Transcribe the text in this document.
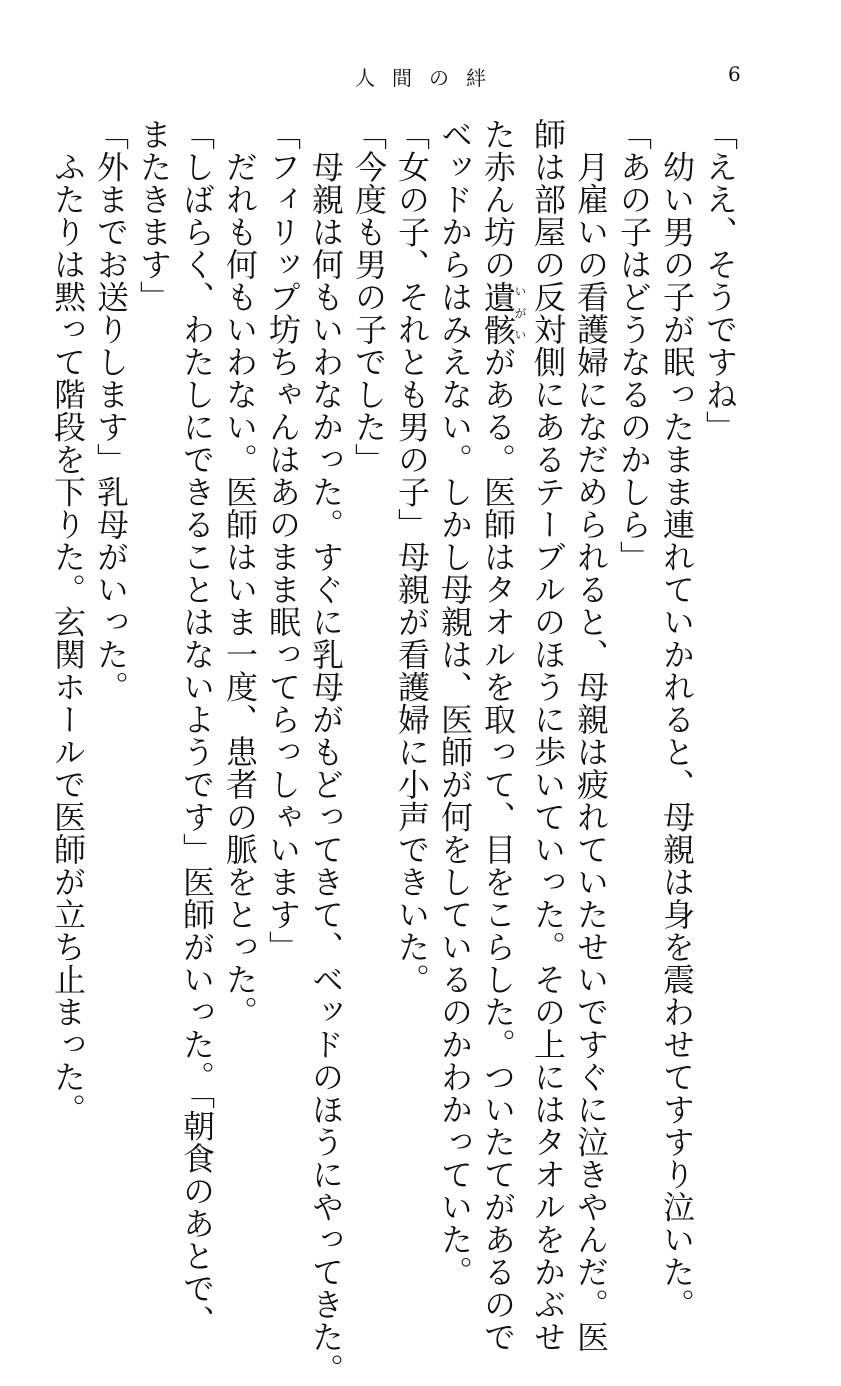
人間の絆	6

「ええ、そうですね」

　幼い男の子が眠ったまま連れていかれると、母親は身を震わせてすすり泣いた。

「あの子はどうなるのかしら」

　月雇いの看護婦になだめられると、母親は疲れていたせいですぐに泣きやんだ。医

師は部屋の反対側にあるテーブルのほうに歩いていった。その上にはタオルをかぶせ

た赤ん坊の遺骸いがいがある。医師はタオルを取って、目をこらした。ついたてがあるので

ベッドからはみえない。しかし母親は、医師が何をしているのかわかっていた。

「女の子、それとも男の子」母親が看護婦に小声できいた。

「今度も男の子でした」

　母親は何もいわなかった。すぐに乳母がもどってきて、ベッドのほうにやってきた。

「フィリップ坊ちゃんはあのまま眠ってらっしゃいます」

　だれも何もいわない。医師はいま一度、患者の脈をとった。

「しばらく、わたしにできることはないようです」医師がいった。「朝食のあとで、

またきます」

「外までお送りします」乳母がいった。

　ふたりは黙って階段を下りた。玄関ホールで医師が立ち止まった。
